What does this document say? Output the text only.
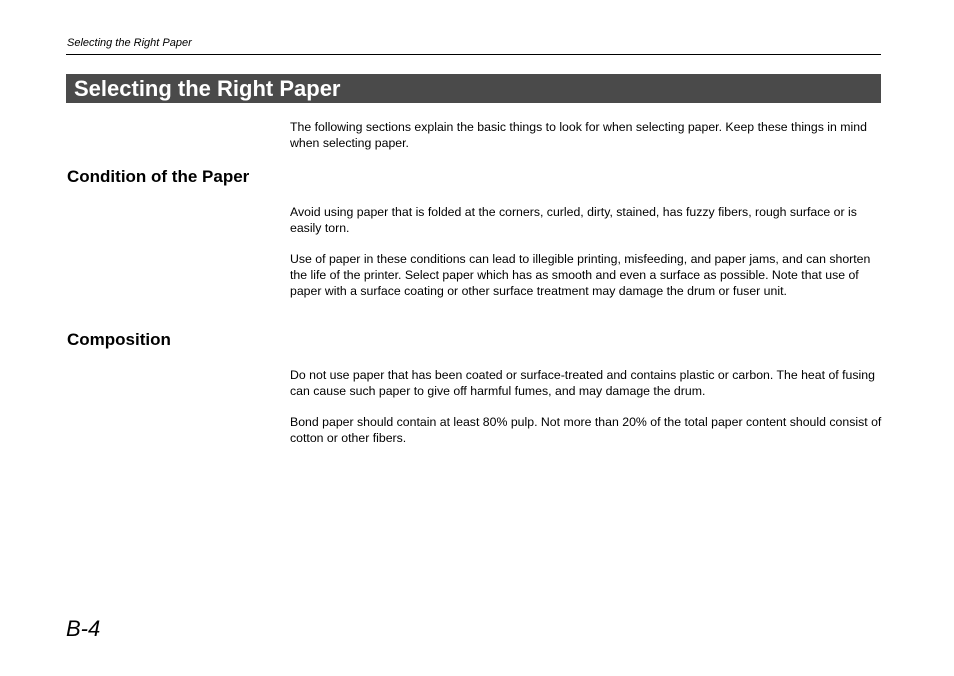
Selecting the Right Paper
Selecting the Right Paper

The following sections explain the basic things to look for when selecting paper. Keep these things in mind when selecting paper.

Condition of the Paper

Avoid using paper that is folded at the corners, curled, dirty, stained, has fuzzy fibers, rough surface or is easily torn.

Use of paper in these conditions can lead to illegible printing, misfeeding, and paper jams, and can shorten the life of the printer. Select paper which has as smooth and even a surface as possible. Note that use of paper with a surface coating or other surface treatment may damage the drum or fuser unit.

Composition

Do not use paper that has been coated or surface-treated and contains plastic or carbon. The heat of fusing can cause such paper to give off harmful fumes, and may damage the drum.

Bond paper should contain at least 80% pulp. Not more than 20% of the total paper content should consist of cotton or other fibers.

B-4
